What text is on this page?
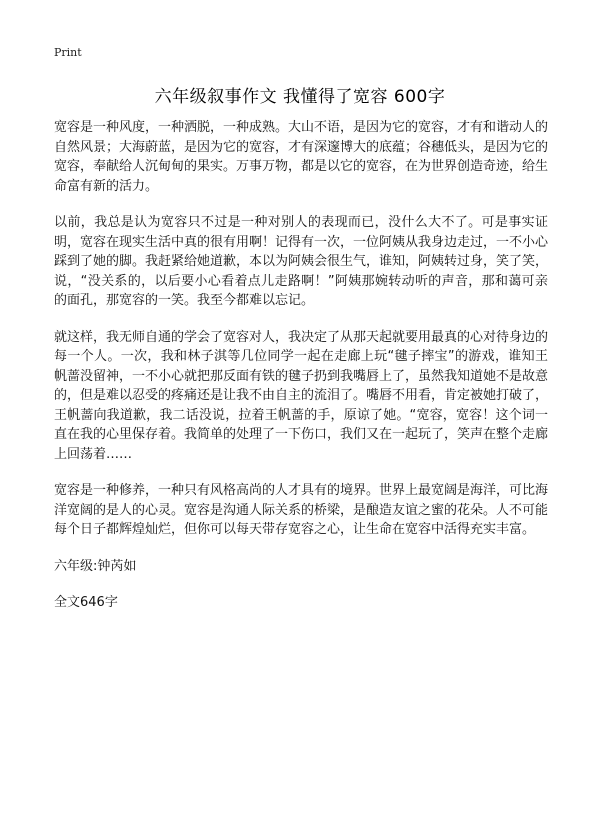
Print
六年级叙事作文 我懂得了宽容 600字

宽容是一种风度，一种洒脱，一种成熟。大山不语，是因为它的宽容，才有和谐动人的自然风景；大海蔚蓝，是因为它的宽容，才有深邃博大的底蕴；谷穗低头，是因为它的宽容，奉献给人沉甸甸的果实。万事万物，都是以它的宽容，在为世界创造奇迹，给生命富有新的活力。

以前，我总是认为宽容只不过是一种对别人的表现而已，没什么大不了。可是事实证明，宽容在现实生活中真的很有用啊！记得有一次，一位阿姨从我身边走过，一不小心踩到了她的脚。我赶紧给她道歉，本以为阿姨会很生气，谁知，阿姨转过身，笑了笑，说，“没关系的，以后要小心看着点儿走路啊！”阿姨那婉转动听的声音，那和蔼可亲的面孔，那宽容的一笑。我至今都难以忘记。

就这样，我无师自通的学会了宽容对人，我决定了从那天起就要用最真的心对待身边的每一个人。一次，我和林子淇等几位同学一起在走廊上玩“毽子摔宝”的游戏，谁知王帆蔷没留神，一不小心就把那反面有铁的毽子扔到我嘴唇上了，虽然我知道她不是故意的，但是难以忍受的疼痛还是让我不由自主的流泪了。嘴唇不用看，肯定被她打破了，王帆蔷向我道歉，我二话没说，拉着王帆蔷的手，原谅了她。“宽容，宽容！这个词一直在我的心里保存着。我简单的处理了一下伤口，我们又在一起玩了，笑声在整个走廊上回荡着……

宽容是一种修养，一种只有风格高尚的人才具有的境界。世界上最宽阔是海洋，可比海洋宽阔的是人的心灵。宽容是沟通人际关系的桥梁，是酿造友谊之蜜的花朵。人不可能每个日子都辉煌灿烂，但你可以每天带存宽容之心，让生命在宽容中活得充实丰富。

六年级:钟芮如

全文646字
